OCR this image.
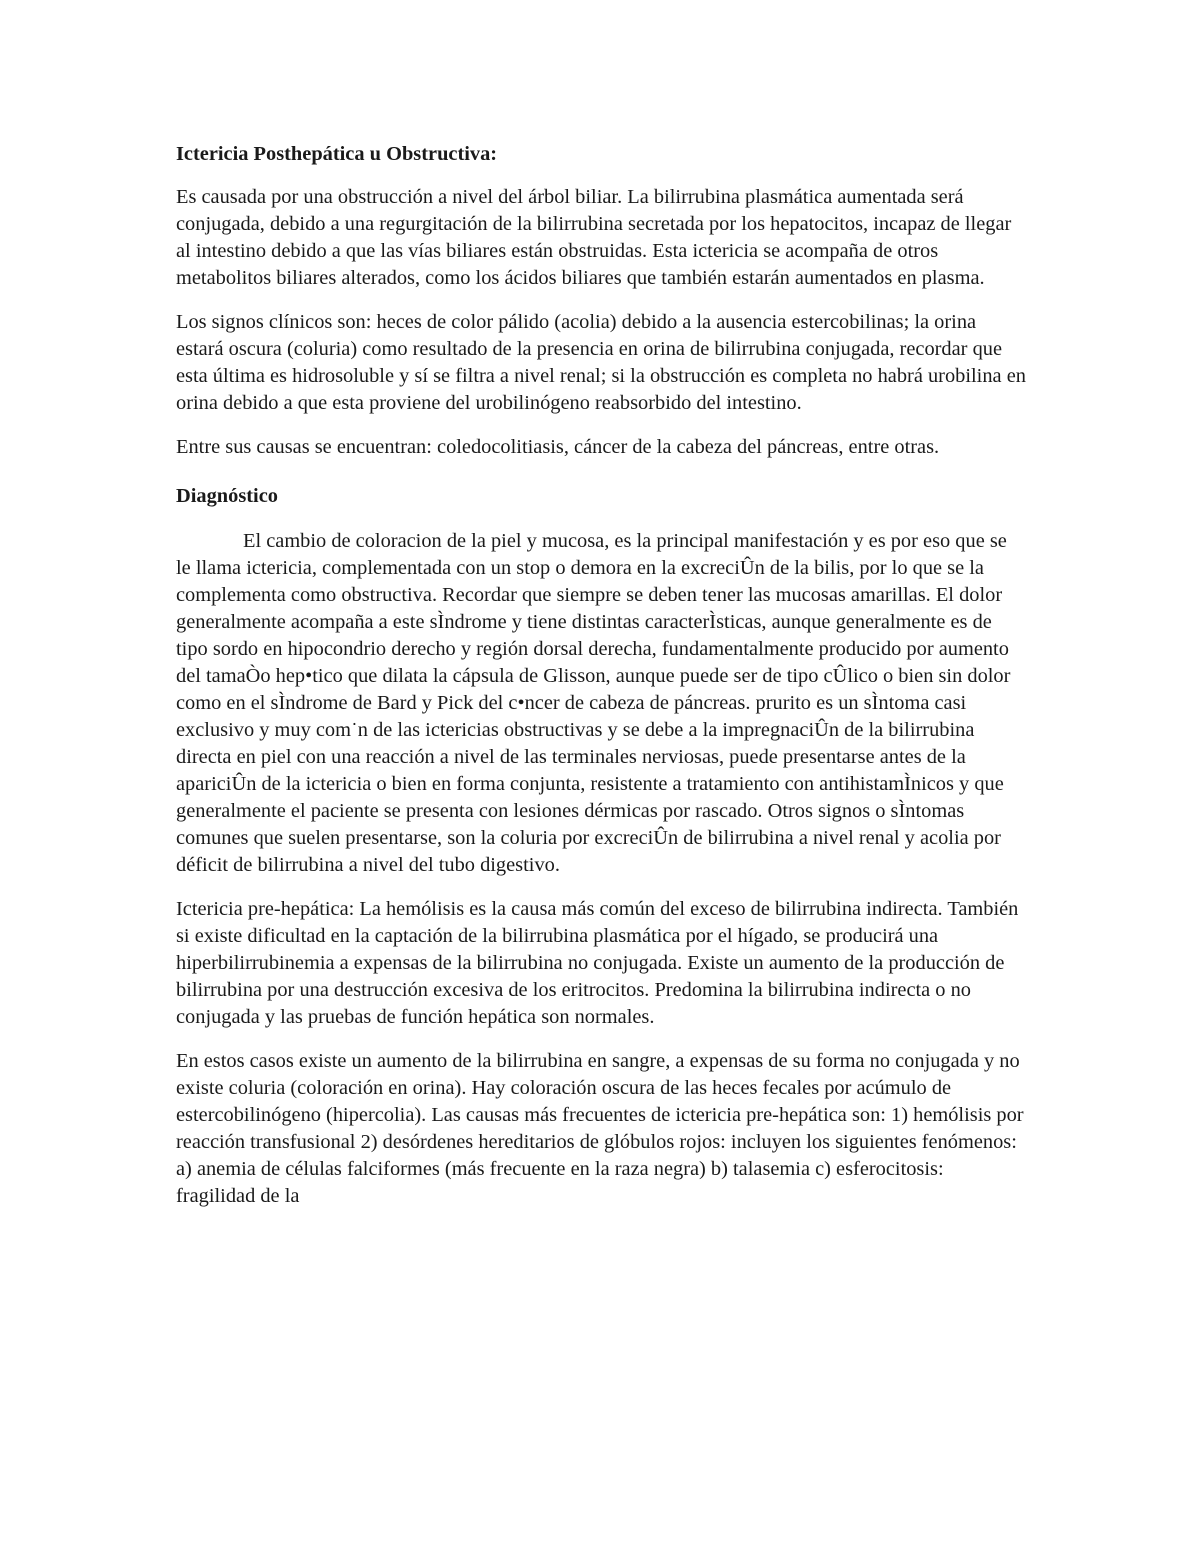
Ictericia Posthepática u Obstructiva:

Es causada por una obstrucción a nivel del árbol biliar. La bilirrubina plasmática aumentada será conjugada, debido a una regurgitación de la bilirrubina secretada por los hepatocitos, incapaz de llegar al intestino debido a que las vías biliares están obstruidas. Esta ictericia se acompaña de otros metabolitos biliares alterados, como los ácidos biliares que también estarán aumentados en plasma.

Los signos clínicos son: heces de color pálido (acolia) debido a la ausencia estercobilinas; la orina estará oscura (coluria) como resultado de la presencia en orina de bilirrubina conjugada, recordar que esta última es hidrosoluble y sí se filtra a nivel renal; si la obstrucción es completa no habrá urobilina en orina debido a que esta proviene del urobilinógeno reabsorbido del intestino.

Entre sus causas se encuentran: coledocolitiasis, cáncer de la cabeza del páncreas, entre otras.

Diagnóstico

El cambio de coloracion de la piel y mucosa, es la principal manifestación y es por eso que se le llama ictericia, complementada con un stop o demora en la excreciÛn de la bilis, por lo que se la complementa como obstructiva. Recordar que siempre se deben tener las mucosas amarillas. El dolor generalmente acompaña a este sÌndrome y tiene distintas caracterÌsticas, aunque generalmente es de tipo sordo en hipocondrio derecho y región dorsal derecha, fundamentalmente producido por aumento del tamaÒo hep•tico que dilata la cápsula de Glisson, aunque puede ser de tipo cÛlico o bien sin dolor como en el sÌndrome de Bard y Pick del c•ncer de cabeza de páncreas. prurito es un sÌntoma casi exclusivo y muy com˙n de las ictericias obstructivas y se debe a la impregnaciÛn de la bilirrubina directa en piel con una reacción a nivel de las terminales nerviosas, puede presentarse antes de la apariciÛn de la ictericia o bien en forma conjunta, resistente a tratamiento con antihistamÌnicos y que generalmente el paciente se presenta con lesiones dérmicas por rascado. Otros signos o sÌntomas comunes que suelen presentarse, son la coluria por excreciÛn de bilirrubina a nivel renal y acolia por déficit de bilirrubina a nivel del tubo digestivo.

Ictericia pre-hepática: La hemólisis es la causa más común del exceso de bilirrubina indirecta. También si existe dificultad en la captación de la bilirrubina plasmática por el hígado, se producirá una hiperbilirrubinemia a expensas de la bilirrubina no conjugada. Existe un aumento de la producción de bilirrubina por una destrucción excesiva de los eritrocitos. Predomina la bilirrubina indirecta o no conjugada y las pruebas de función hepática son normales.

En estos casos existe un aumento de la bilirrubina en sangre, a expensas de su forma no conjugada y no existe coluria (coloración en orina). Hay coloración oscura de las heces fecales por acúmulo de estercobilinógeno (hipercolia). Las causas más frecuentes de ictericia pre-hepática son: 1) hemólisis por reacción transfusional 2) desórdenes hereditarios de glóbulos rojos: incluyen los siguientes fenómenos: a) anemia de células falciformes (más frecuente en la raza negra) b) talasemia c) esferocitosis: fragilidad de la
